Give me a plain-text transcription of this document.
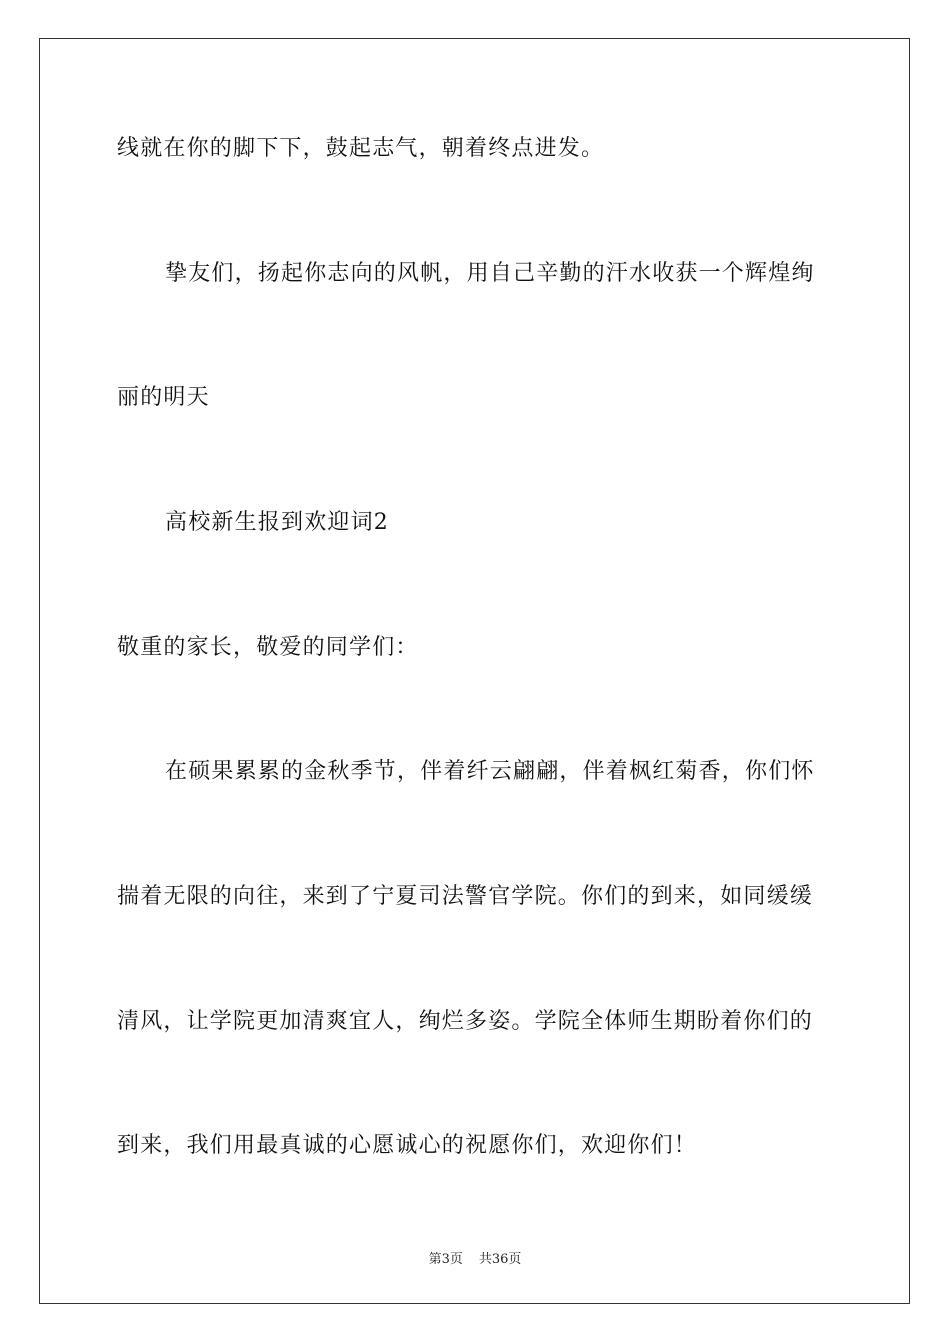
线就在你的脚下下，鼓起志气，朝着终点进发。
挚友们，扬起你志向的风帆，用自己辛勤的汗水收获一个辉煌绚
丽的明天
高校新生报到欢迎词2
敬重的家长，敬爱的同学们：
在硕果累累的金秋季节，伴着纤云翩翩，伴着枫红菊香，你们怀
揣着无限的向往，来到了宁夏司法警官学院。你们的到来，如同缓缓
清风，让学院更加清爽宜人，绚烂多姿。学院全体师生期盼着你们的
到来，我们用最真诚的心愿诚心的祝愿你们，欢迎你们！
第3页 共36页
